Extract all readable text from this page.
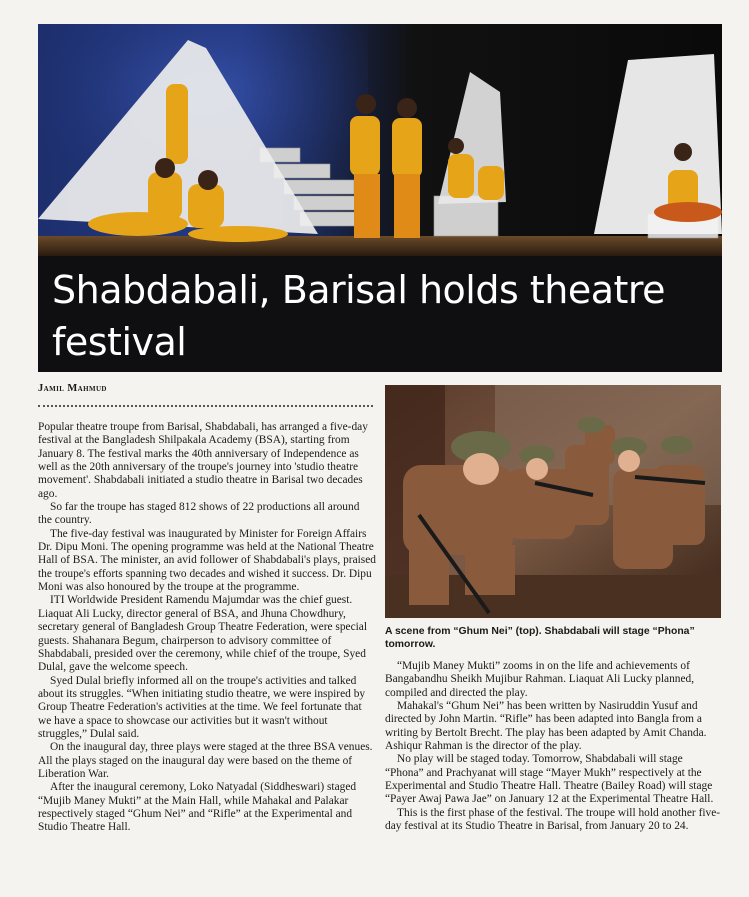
Shabdabali, Barisal holds theatre festival
Jamil Mahmud

Popular theatre troupe from Barisal, Shabdabali, has arranged a five-day festival at the Bangladesh Shilpakala Academy (BSA), starting from January 8. The festival marks the 40th anniversary of Independence as well as the 20th anniversary of the troupe's journey into 'studio theatre movement'. Shabdabali initiated a studio theatre in Barisal two decades ago.

So far the troupe has staged 812 shows of 22 productions all around the country.

The five-day festival was inaugurated by Minister for Foreign Affairs Dr. Dipu Moni. The opening programme was held at the National Theatre Hall of BSA. The minister, an avid follower of Shabdabali's plays, praised the troupe's efforts spanning two decades and wished it success. Dr. Dipu Moni was also honoured by the troupe at the programme.

ITI Worldwide President Ramendu Majumdar was the chief guest. Liaquat Ali Lucky, director general of BSA, and Jhuna Chowdhury, secretary general of Bangladesh Group Theatre Federation, were special guests. Shahanara Begum, chairperson to advisory committee of Shabdabali, presided over the ceremony, while chief of the troupe, Syed Dulal, gave the welcome speech.

Syed Dulal briefly informed all on the troupe's activities and talked about its struggles. “When initiating studio theatre, we were inspired by Group Theatre Federation's activities at the time. We feel fortunate that we have a space to showcase our activities but it wasn't without struggles,” Dulal said.

On the inaugural day, three plays were staged at the three BSA venues. All the plays staged on the inaugural day were based on the theme of Liberation War.

After the inaugural ceremony, Loko Natyadal (Siddheswari) staged “Mujib Maney Mukti” at the Main Hall, while Mahakal and Palakar respectively staged “Ghum Nei” and “Rifle” at the Experimental and Studio Theatre Hall.

A scene from “Ghum Nei” (top). Shabdabali will stage “Phona” tomorrow.

“Mujib Maney Mukti” zooms in on the life and achievements of Bangabandhu Sheikh Mujibur Rahman. Liaquat Ali Lucky planned, compiled and directed the play.

Mahakal's “Ghum Nei” has been written by Nasiruddin Yusuf and directed by John Martin. “Rifle” has been adapted into Bangla from a writing by Bertolt Brecht. The play has been adapted by Amit Chanda. Ashiqur Rahman is the director of the play.

No play will be staged today. Tomorrow, Shabdabali will stage “Phona” and Prachyanat will stage “Mayer Mukh” respectively at the Experimental and Studio Theatre Hall. Theatre (Bailey Road) will stage “Payer Awaj Pawa Jae” on January 12 at the Experimental Theatre Hall.

This is the first phase of the festival. The troupe will hold another five-day festival at its Studio Theatre in Barisal, from January 20 to 24.
